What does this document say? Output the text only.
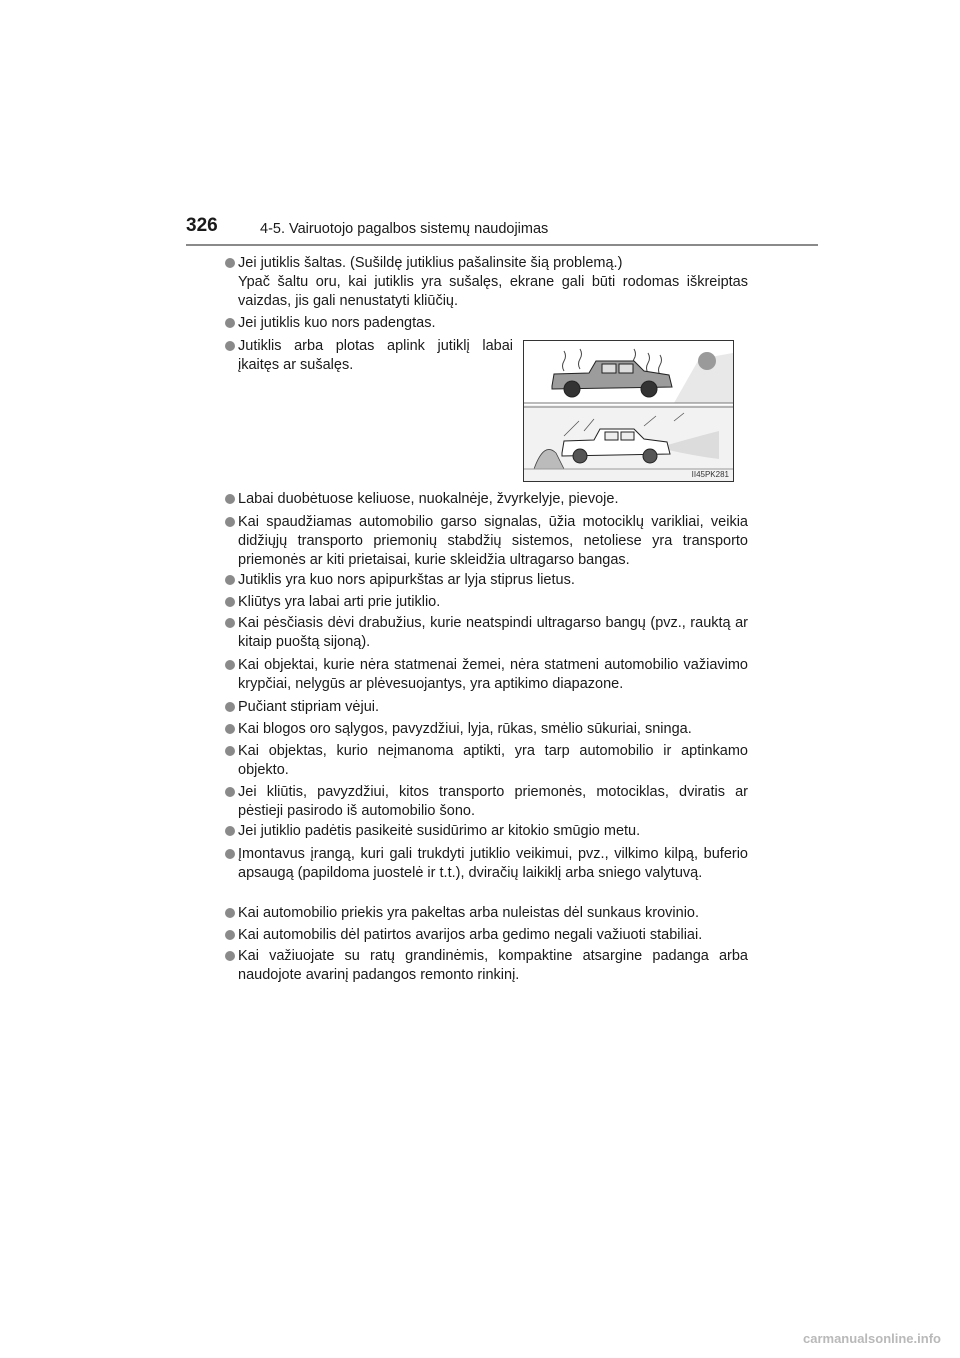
326	4-5. Vairuotojo pagalbos sistemų naudojimas
Jei jutiklis šaltas. (Sušildę jutiklius pašalinsite šią problemą.)
Ypač šaltu oru, kai jutiklis yra sušalęs, ekrane gali būti rodomas iškreiptas vaizdas, jis gali nenustatyti kliūčių.
Jei jutiklis kuo nors padengtas.
Jutiklis arba plotas aplink jutiklį labai įkaitęs ar sušalęs.
II45PK281
Labai duobėtuose keliuose, nuokalnėje, žvyrkelyje, pievoje.
Kai spaudžiamas automobilio garso signalas, ūžia motociklų varikliai, veikia didžiųjų transporto priemonių stabdžių sistemos, netoliese yra transporto priemonės ar kiti prietaisai, kurie skleidžia ultragarso bangas.
Jutiklis yra kuo nors apipurkštas ar lyja stiprus lietus.
Kliūtys yra labai arti prie jutiklio.
Kai pėsčiasis dėvi drabužius, kurie neatspindi ultragarso bangų (pvz., rauktą ar kitaip puoštą sijoną).
Kai objektai, kurie nėra statmenai žemei, nėra statmeni automobilio važiavimo krypčiai, nelygūs ar plėvesuojantys, yra aptikimo diapazone.
Pučiant stipriam vėjui.
Kai blogos oro sąlygos, pavyzdžiui, lyja, rūkas, smėlio sūkuriai, sninga.
Kai objektas, kurio neįmanoma aptikti, yra tarp automobilio ir aptinkamo objekto.
Jei kliūtis, pavyzdžiui, kitos transporto priemonės, motociklas, dviratis ar pėstieji pasirodo iš automobilio šono.
Jei jutiklio padėtis pasikeitė susidūrimo ar kitokio smūgio metu.
Įmontavus įrangą, kuri gali trukdyti jutiklio veikimui, pvz., vilkimo kilpą, buferio apsaugą (papildoma juostelė ir t.t.), dviračių laikiklį arba sniego valytuvą.
Kai automobilio priekis yra pakeltas arba nuleistas dėl sunkaus krovinio.
Kai automobilis dėl patirtos avarijos arba gedimo negali važiuoti stabiliai.
Kai važiuojate su ratų grandinėmis, kompaktine atsargine padanga arba naudojote avarinį padangos remonto rinkinį.
carmanualsonline.info
